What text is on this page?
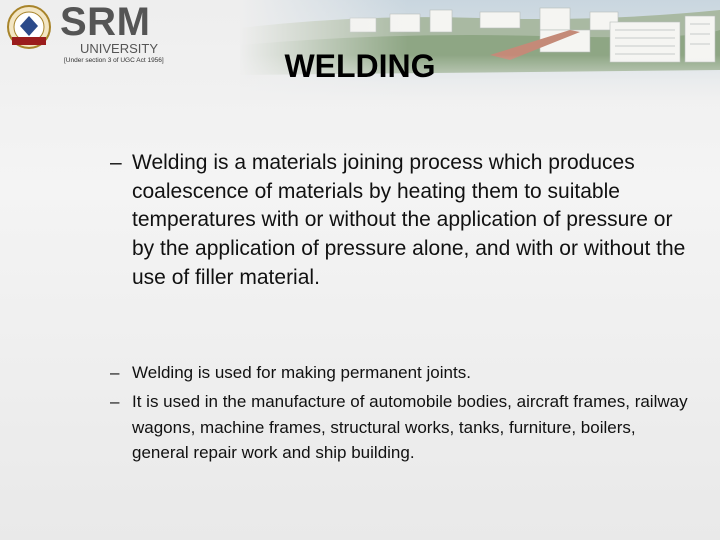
SRM
UNIVERSITY
[Under section 3 of UGC Act 1956]	WELDING
– Welding is a materials joining process which produces coalescence of materials by heating them to suitable temperatures with or without the application of pressure or by the application of pressure alone, and with or without the use of filler material.
– Welding is used for making permanent joints.
– It is used in the manufacture of automobile bodies, aircraft frames, railway wagons, machine frames, structural works, tanks, furniture, boilers, general repair work and ship building.
